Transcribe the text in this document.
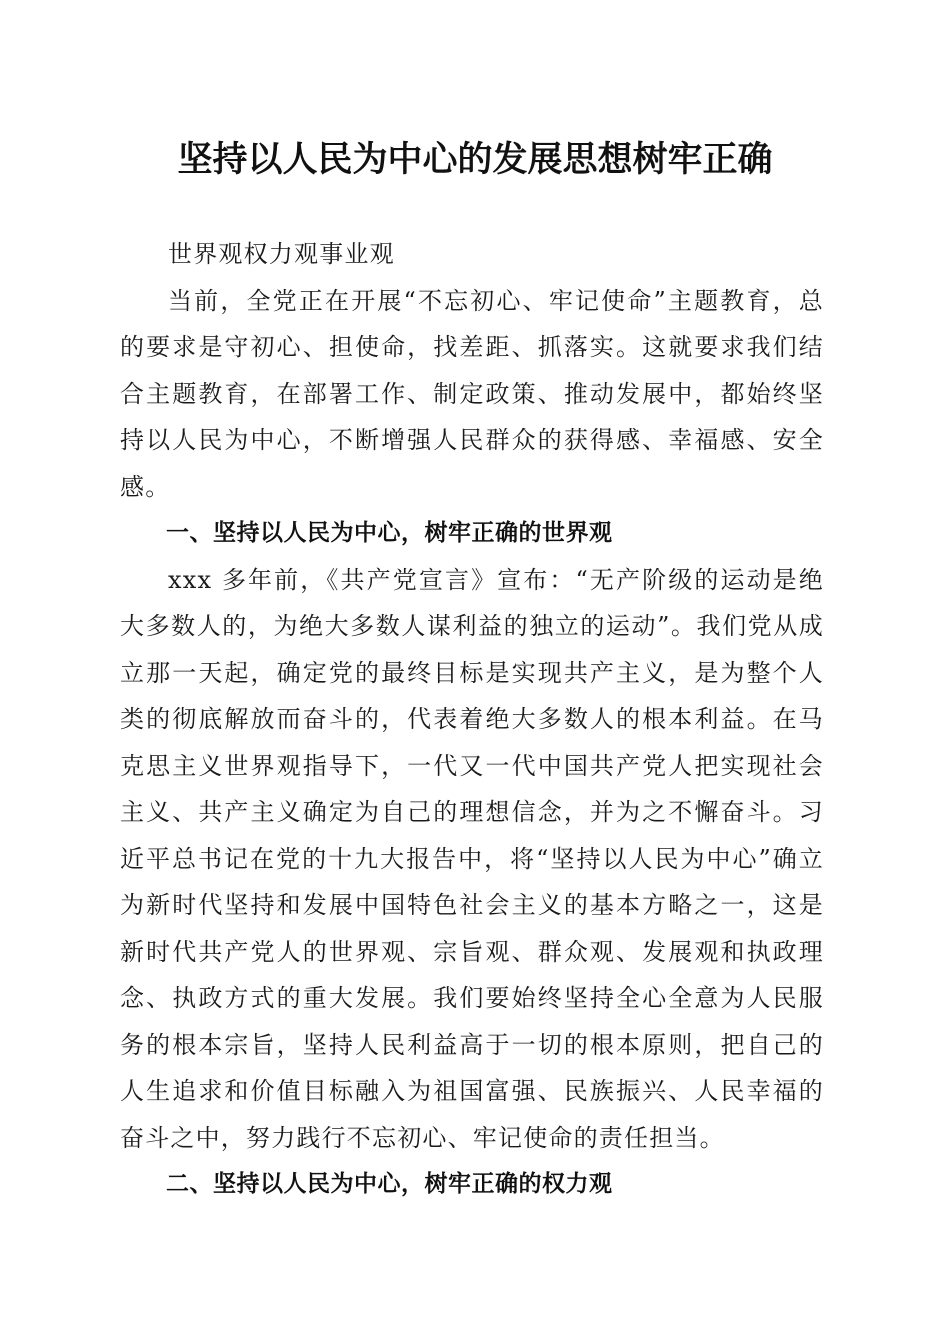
坚持以人民为中心的发展思想树牢正确

世界观权力观事业观

当前，全党正在开展“不忘初心、牢记使命”主题教育，总的要求是守初心、担使命，找差距、抓落实。这就要求我们结合主题教育，在部署工作、制定政策、推动发展中，都始终坚持以人民为中心，不断增强人民群众的获得感、幸福感、安全感。

一、坚持以人民为中心，树牢正确的世界观

xxx 多年前，《共产党宣言》宣布：“无产阶级的运动是绝大多数人的，为绝大多数人谋利益的独立的运动”。我们党从成立那一天起，确定党的最终目标是实现共产主义，是为整个人类的彻底解放而奋斗的，代表着绝大多数人的根本利益。在马克思主义世界观指导下，一代又一代中国共产党人把实现社会主义、共产主义确定为自己的理想信念，并为之不懈奋斗。习近平总书记在党的十九大报告中，将“坚持以人民为中心”确立为新时代坚持和发展中国特色社会主义的基本方略之一，这是新时代共产党人的世界观、宗旨观、群众观、发展观和执政理念、执政方式的重大发展。我们要始终坚持全心全意为人民服务的根本宗旨，坚持人民利益高于一切的根本原则，把自己的人生追求和价值目标融入为祖国富强、民族振兴、人民幸福的奋斗之中，努力践行不忘初心、牢记使命的责任担当。

二、坚持以人民为中心，树牢正确的权力观
